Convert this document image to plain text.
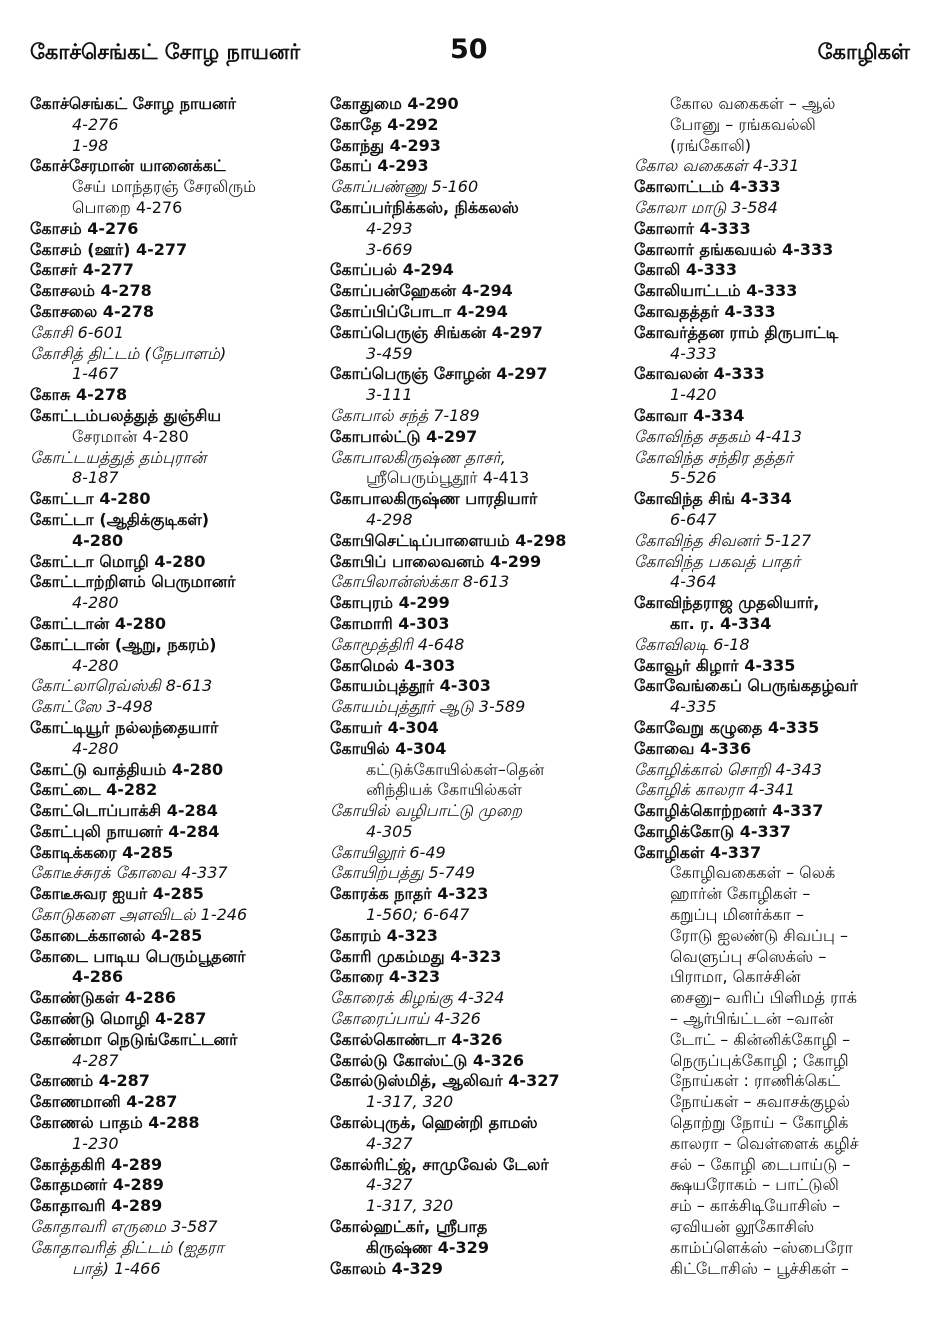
கோச்செங்கட் சோழ நாயனர்	50	கோழிகள்

கோச்செங்கட் சோழ நாயனர்

4-276

1-98

கோச்சேரமான் யானைக்கட்

சேய் மாந்தரஞ் சேரலிரும்

பொறை 4-276

கோசம் 4-276

கோசம் (ஊர்) 4-277

கோசர் 4-277

கோசலம் 4-278

கோசலை 4-278

கோசி 6-601

கோசித் திட்டம் (நேபாளம்)

1-467

கோசு 4-278

கோட்டம்பலத்துத் துஞ்சிய

சேரமான் 4-280

கோட்டயத்துத் தம்புரான்

8-187

கோட்டா 4-280

கோட்டா (ஆதிக்குடிகள்)

4-280

கோட்டா மொழி 4-280

கோட்டாற்றிளம் பெருமானர்

4-280

கோட்டான் 4-280

கோட்டான் (ஆறு, நகரம்)

4-280

கோட்லாரெவ்ஸ்கி 8-613

கோட்ஸே 3-498

கோட்டியூர் நல்லந்தையார்

4-280

கோட்டு வாத்தியம் 4-280

கோட்டை 4-282

கோட்டொப்பாக்சி 4-284

கோட்புலி நாயனர் 4-284

கோடிக்கரை 4-285

கோடீச்சுரக் கோவை 4-337

கோடீசுவர ஐயர் 4-285

கோடுகளை அளவிடல் 1-246

கோடைக்கானல் 4-285

கோடை பாடிய பெரும்பூதனர்

4-286

கோண்டுகள் 4-286

கோண்டு மொழி 4-287

கோண்மா நெடுங்கோட்டனர்

4-287

கோணம் 4-287

கோணமானி 4-287

கோணல் பாதம் 4-288

1-230

கோத்தகிரி 4-289

கோதமனர் 4-289

கோதாவரி 4-289

கோதாவரி எருமை 3-587

கோதாவரித் திட்டம் (ஐதரா

பாத்) 1-466

கோதுமை 4-290

கோதே 4-292

கோந்து 4-293

கோப் 4-293

கோப்பண்ணு 5-160

கோப்பர்நிக்கஸ், நிக்கலஸ்

4-293

3-669

கோப்பல் 4-294

கோப்பன்ஹேகன் 4-294

கோப்பிப்போடா 4-294

கோப்பெருஞ் சிங்கன் 4-297

3-459

கோப்பெருஞ் சோழன் 4-297

3-111

கோபால் சந்த் 7-189

கோபால்ட்டு 4-297

கோபாலகிருஷ்ண தாசர்,

ஸ்ரீபெரும்பூதூர் 4-413

கோபாலகிருஷ்ண பாரதியார்

4-298

கோபிசெட்டிப்பாளையம் 4-298

கோபிப் பாலைவனம் 4-299

கோபிலான்ஸ்க்கா 8-613

கோபுரம் 4-299

கோமாரி 4-303

கோமூத்திரி 4-648

கோமெல் 4-303

கோயம்புத்தூர் 4-303

கோயம்புத்தூர் ஆடு 3-589

கோயர் 4-304

கோயில் 4-304

கட்டுக்கோயில்கள்–தென்

னிந்தியக் கோயில்கள்

கோயில் வழிபாட்டு முறை

4-305

கோயிலூர் 6-49

கோயிற்பத்து 5-749

கோரக்க நாதர் 4-323

1-560; 6-647

கோரம் 4-323

கோரி முகம்மது 4-323

கோரை 4-323

கோரைக் கிழங்கு 4-324

கோரைப்பாய் 4-326

கோல்கொண்டா 4-326

கோல்டு கோஸ்ட்டு 4-326

கோல்டுஸ்மித், ஆலிவர் 4-327

1-317, 320

கோல்புருக், ஹென்றி தாமஸ்

4-327

கோல்ரிட்ஜ், சாமுவேல் டேலர்

4-327

1-317, 320

கோல்ஹட்கர், ஸ்ரீபாத

கிருஷ்ண 4-329

கோலம் 4-329

கோல வகைகள் – ஆல்

போனு – ரங்கவல்லி

(ரங்கோலி)

கோல வகைகள் 4-331

கோலாட்டம் 4-333

கோலா மாடு 3-584

கோலார் 4-333

கோலார் தங்கவயல் 4-333

கோலி 4-333

கோலியாட்டம் 4-333

கோவதத்தர் 4-333

கோவர்த்தன ராம் திருபாட்டி

4-333

கோவலன் 4-333

1-420

கோவா 4-334

கோவிந்த சதகம் 4-413

கோவிந்த சந்திர தத்தர்

5-526

கோவிந்த சிங் 4-334

6-647

கோவிந்த சிவனர் 5-127

கோவிந்த பகவத் பாதர்

4-364

கோவிந்தராஜ முதலியார்,

கா. ர. 4-334

கோவிலடி 6-18

கோவூர் கிழார் 4-335

கோவேங்கைப் பெருங்கதழ்வர்

4-335

கோவேறு கழுதை 4-335

கோவை 4-336

கோழிக்கால் சொறி 4-343

கோழிக் காலரா 4-341

கோழிக்கொற்றனர் 4-337

கோழிக்கோடு 4-337

கோழிகள் 4-337

கோழிவகைகள் – லெக்

ஹார்ன் கோழிகள் –

கறுப்பு மினர்க்கா –

ரோடு ஐலண்டு சிவப்பு –

வெளுப்பு சஸெக்ஸ் –

பிராமா, கொச்சின்

சைனு– வரிப் பிளிமத் ராக்

– ஆர்பிங்ட்டன் –வான்

டோட் – கின்னிக்கோழி –

நெருப்புக்கோழி ; கோழி

நோய்கள் : ராணிக்கெட்

நோய்கள் – சுவாசக்குழல்

தொற்று நோய் – கோழிக்

காலரா – வெள்ளைக் கழிச்

சல் – கோழி டைபாய்டு –

க்ஷயரோகம் – பாட்டுலி

சம் – காக்சிடியோசிஸ் –

ஏவியன் லூகோசிஸ்

காம்ப்ளெக்ஸ் –ஸ்பைரோ

கிட்டோசிஸ் – பூச்சிகள் –
